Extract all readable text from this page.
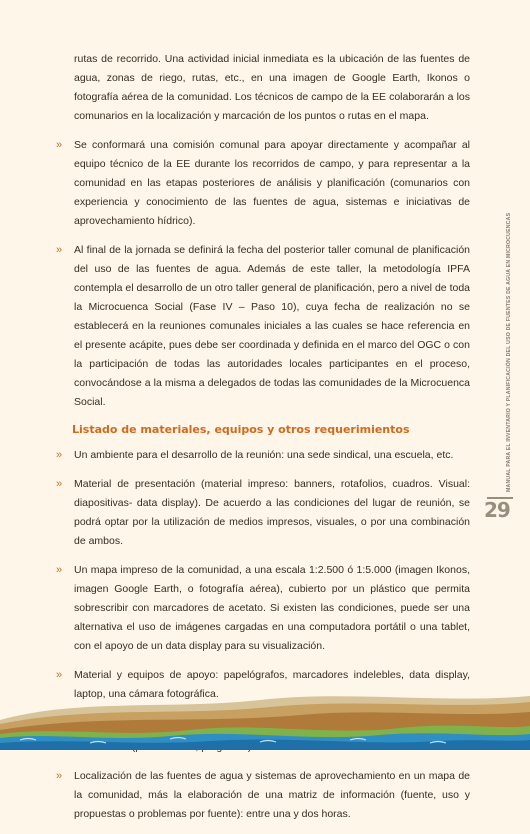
rutas de recorrido. Una actividad inicial inmediata es la ubicación de las fuentes de agua, zonas de riego, rutas, etc., en una imagen de Google Earth, Ikonos o fotografía aérea de la comunidad. Los técnicos de campo de la EE colaborarán a los comunarios en la localización y marcación de los puntos o rutas en el mapa.

» Se conformará una comisión comunal para apoyar directamente y acompañar al equipo técnico de la EE durante los recorridos de campo, y para representar a la comunidad en las etapas posteriores de análisis y planificación (comunarios con experiencia y conocimiento de las fuentes de agua, sistemas e iniciativas de aprovechamiento hídrico).

» Al final de la jornada se definirá la fecha del posterior taller comunal de planificación del uso de las fuentes de agua. Además de este taller, la metodología IPFA contempla el desarrollo de un otro taller general de planificación, pero a nivel de toda la Microcuenca Social (Fase IV – Paso 10), cuya fecha de realización no se establecerá en la reuniones comunales iniciales a las cuales se hace referencia en el presente acápite, pues debe ser coordinada y definida en el marco del OGC o con la participación de todas las autoridades locales participantes en el proceso, convocándose a la misma a delegados de todas las comunidades de la Microcuenca Social.

Listado de materiales, equipos y otros requerimientos
» Un ambiente para el desarrollo de la reunión: una sede sindical, una escuela, etc.

» Material de presentación (material impreso: banners, rotafolios, cuadros. Visual: diapositivas- data display). De acuerdo a las condiciones del lugar de reunión, se podrá optar por la utilización de medios impresos, visuales, o por una combinación de ambos.

» Un mapa impreso de la comunidad, a una escala 1:2.500 ó 1:5.000 (imagen Ikonos, imagen Google Earth, o fotografía aérea), cubierto por un plástico que permita sobrescribir con marcadores de acetato. Si existen las condiciones, puede ser una alternativa el uso de imágenes cargadas en una computadora portátil o una tablet, con el apoyo de un data display para su visualización.

» Material y equipos de apoyo: papelógrafos, marcadores indelebles, data display, laptop, una cámara fotográfica.

» Localización de las fuentes de agua y sistemas de aprovechamiento en un mapa de la comunidad, más la elaboración de una matriz de información (fuente, uso y propuestas o problemas por fuente): entre una y dos horas.

MANUAL PARA EL INVENTARIO Y PLANIFICACIÓN DEL USO DE FUENTES DE AGUA EN MICROCUENCAS
29
